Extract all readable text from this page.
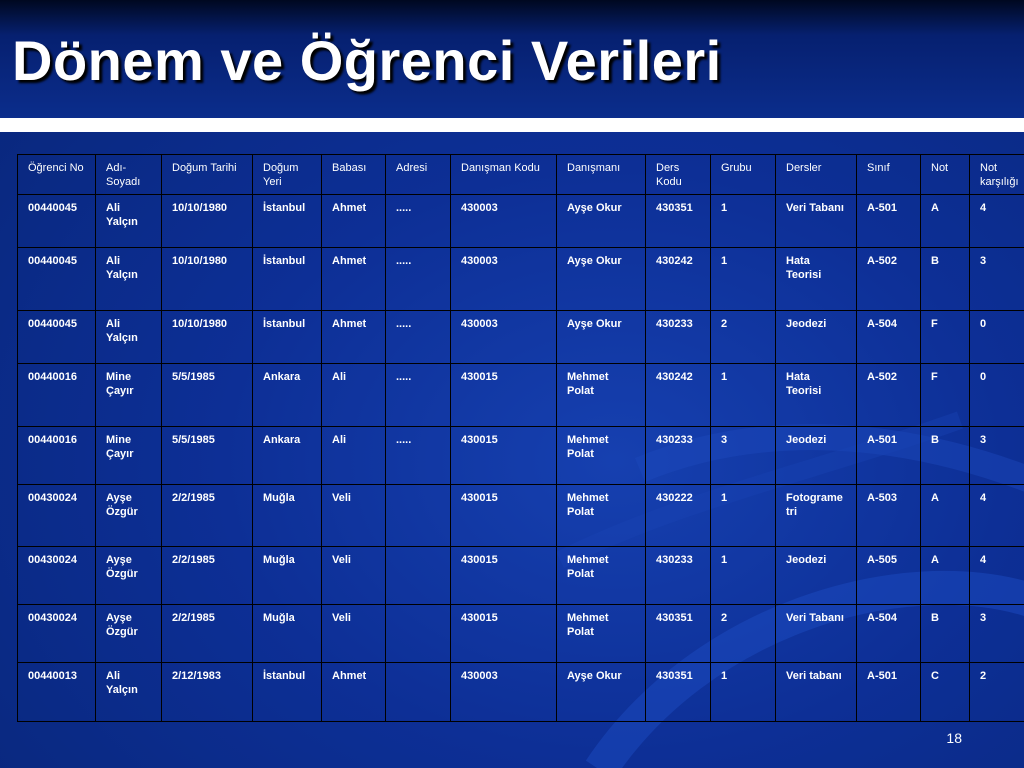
Dönem ve Öğrenci Verileri
Öğrenci No	Adı-Soyadı	Doğum Tarihi	Doğum Yeri	Babası	Adresi	Danışman Kodu	Danışmanı	Ders Kodu	Grubu	Dersler	Sınıf	Not	Not karşılığı
00440045	Ali Yalçın	10/10/1980	İstanbul	Ahmet	.....	430003	Ayşe Okur	430351	1	Veri Tabanı	A-501	A	4
00440045	Ali Yalçın	10/10/1980	İstanbul	Ahmet	.....	430003	Ayşe Okur	430242	1	Hata Teorisi	A-502	B	3
00440045	Ali Yalçın	10/10/1980	İstanbul	Ahmet	.....	430003	Ayşe Okur	430233	2	Jeodezi	A-504	F	0
00440016	Mine Çayır	5/5/1985	Ankara	Ali	.....	430015	Mehmet Polat	430242	1	Hata Teorisi	A-502	F	0
00440016	Mine Çayır	5/5/1985	Ankara	Ali	.....	430015	Mehmet Polat	430233	3	Jeodezi	A-501	B	3
00430024	Ayşe Özgür	2/2/1985	Muğla	Veli		430015	Mehmet Polat	430222	1	Fotogrametri	A-503	A	4
00430024	Ayşe Özgür	2/2/1985	Muğla	Veli		430015	Mehmet Polat	430233	1	Jeodezi	A-505	A	4
00430024	Ayşe Özgür	2/2/1985	Muğla	Veli		430015	Mehmet Polat	430351	2	Veri Tabanı	A-504	B	3
00440013	Ali Yalçın	2/12/1983	İstanbul	Ahmet		430003	Ayşe Okur	430351	1	Veri tabanı	A-501	C	2
18
